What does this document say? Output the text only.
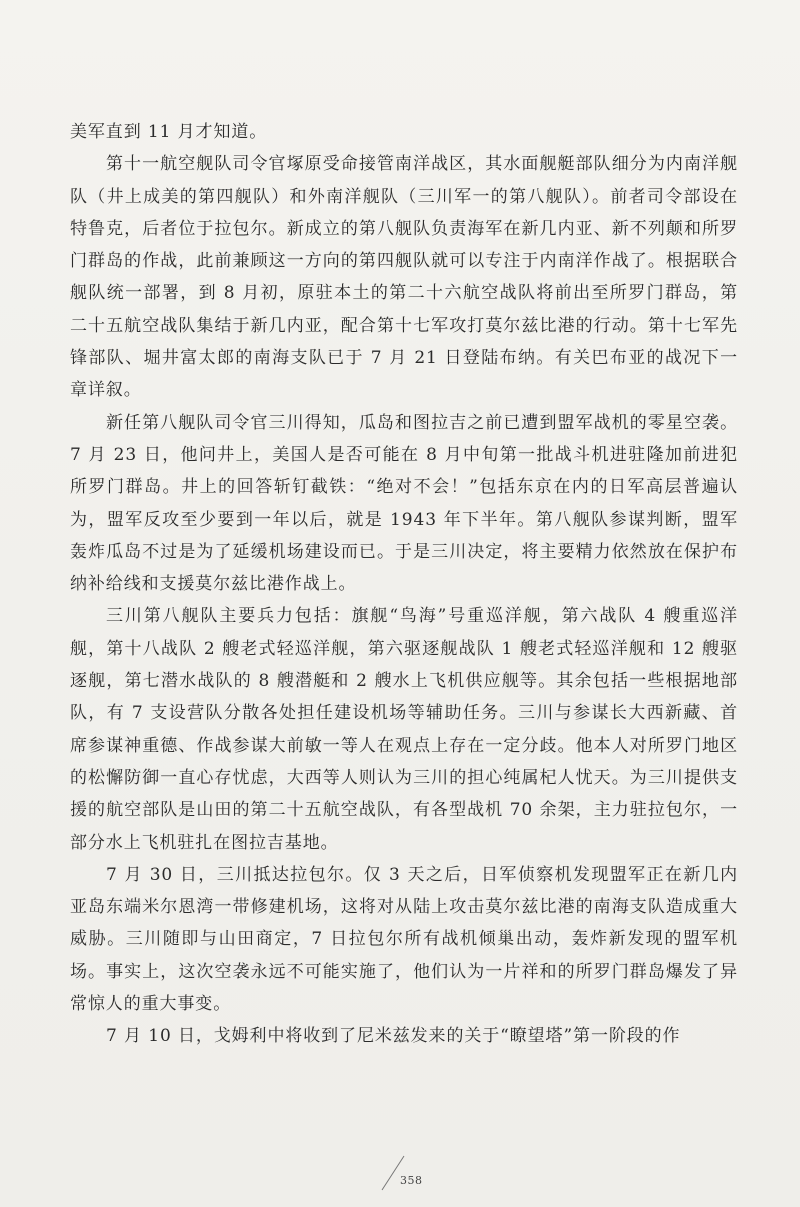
美军直到 11 月才知道。

第十一航空舰队司令官塚原受命接管南洋战区，其水面舰艇部队细分为内南洋舰队（井上成美的第四舰队）和外南洋舰队（三川军一的第八舰队）。前者司令部设在特鲁克，后者位于拉包尔。新成立的第八舰队负责海军在新几内亚、新不列颠和所罗门群岛的作战，此前兼顾这一方向的第四舰队就可以专注于内南洋作战了。根据联合舰队统一部署，到 8 月初，原驻本土的第二十六航空战队将前出至所罗门群岛，第二十五航空战队集结于新几内亚，配合第十七军攻打莫尔兹比港的行动。第十七军先锋部队、堀井富太郎的南海支队已于 7 月 21 日登陆布纳。有关巴布亚的战况下一章详叙。

新任第八舰队司令官三川得知，瓜岛和图拉吉之前已遭到盟军战机的零星空袭。7 月 23 日，他问井上，美国人是否可能在 8 月中旬第一批战斗机进驻隆加前进犯所罗门群岛。井上的回答斩钉截铁：“绝对不会！”包括东京在内的日军高层普遍认为，盟军反攻至少要到一年以后，就是 1943 年下半年。第八舰队参谋判断，盟军轰炸瓜岛不过是为了延缓机场建设而已。于是三川决定，将主要精力依然放在保护布纳补给线和支援莫尔兹比港作战上。

三川第八舰队主要兵力包括：旗舰“鸟海”号重巡洋舰，第六战队 4 艘重巡洋舰，第十八战队 2 艘老式轻巡洋舰，第六驱逐舰战队 1 艘老式轻巡洋舰和 12 艘驱逐舰，第七潜水战队的 8 艘潜艇和 2 艘水上飞机供应舰等。其余包括一些根据地部队，有 7 支设营队分散各处担任建设机场等辅助任务。三川与参谋长大西新藏、首席参谋神重德、作战参谋大前敏一等人在观点上存在一定分歧。他本人对所罗门地区的松懈防御一直心存忧虑，大西等人则认为三川的担心纯属杞人忧天。为三川提供支援的航空部队是山田的第二十五航空战队，有各型战机 70 余架，主力驻拉包尔，一部分水上飞机驻扎在图拉吉基地。

7 月 30 日，三川抵达拉包尔。仅 3 天之后，日军侦察机发现盟军正在新几内亚岛东端米尔恩湾一带修建机场，这将对从陆上攻击莫尔兹比港的南海支队造成重大威胁。三川随即与山田商定，7 日拉包尔所有战机倾巢出动，轰炸新发现的盟军机场。事实上，这次空袭永远不可能实施了，他们认为一片祥和的所罗门群岛爆发了异常惊人的重大事变。

7 月 10 日，戈姆利中将收到了尼米兹发来的关于“瞭望塔”第一阶段的作

358
